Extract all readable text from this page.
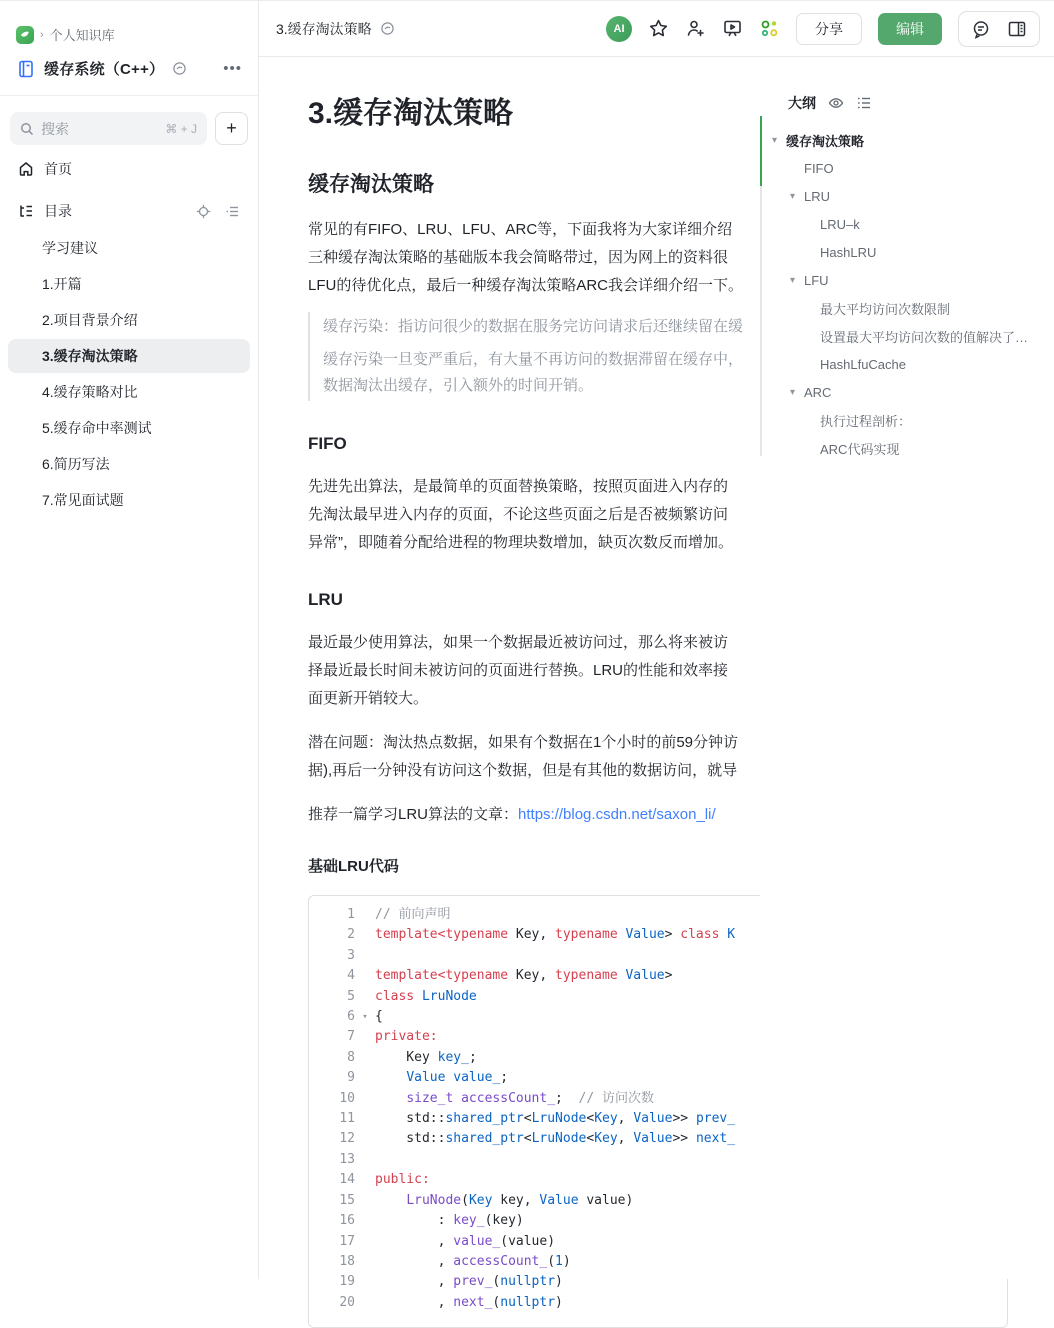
› 个人知识库
缓存系统（C++）	•••
搜索	⌘ + J	+
首页
目录
学习建议
1.开篇
2.项目背景介绍
3.缓存淘汰策略
4.缓存策略对比
5.缓存命中率测试
6.简历写法
7.常见面试题
3.缓存淘汰策略	AI	分享	编辑
3.缓存淘汰策略
缓存淘汰策略

常见的有FIFO、LRU、LFU、ARC等，下面我将为大家详细介绍
三种缓存淘汰策略的基础版本我会简略带过，因为网上的资料很
LFU的待优化点，最后一种缓存淘汰策略ARC我会详细介绍一下。

缓存污染：指访问很少的数据在服务完访问请求后还继续留在缓
缓存污染一旦变严重后，有大量不再访问的数据滞留在缓存中，
数据淘汰出缓存，引入额外的时间开销。
FIFO

先进先出算法，是最简单的页面替换策略，按照页面进入内存的
先淘汰最早进入内存的页面，不论这些页面之后是否被频繁访问
异常”，即随着分配给进程的物理块数增加，缺页次数反而增加。

LRU

最近最少使用算法，如果一个数据最近被访问过，那么将来被访
择最近最长时间未被访问的页面进行替换。LRU的性能和效率接
面更新开销较大。

潜在问题：淘汰热点数据，如果有个数据在1个小时的前59分钟访
据),再后一分钟没有访问这个数据，但是有其他的数据访问，就导

推荐一篇学习LRU算法的文章：https://blog.csdn.net/saxon_li/

基础LRU代码
1 // 前向声明
2 template<typename Key, typename Value> class K
3
4 template<typename Key, typename Value>
5 class LruNode
6 ▾ {
7 private:
8 Key key_;
9	Value value_;
10	size_t accessCount_;  // 访问次数
11 std::shared_ptr<LruNode<Key, Value>> prev_
12 std::shared_ptr<LruNode<Key, Value>> next_
13
14 public:
15	LruNode(Key key, Value value)
16 : key_(key)
17 , value_(value)
18 , accessCount_(1)
19 , prev_(nullptr)
20 , next_(nullptr)
大纲
▾ 缓存淘汰策略
FIFO
▾ LRU
LRU–k
HashLRU
▾ LFU
最大平均访问次数限制
设置最大平均访问次数的值解决了…
HashLfuCache
▾ ARC
执行过程剖析：
ARC代码实现
